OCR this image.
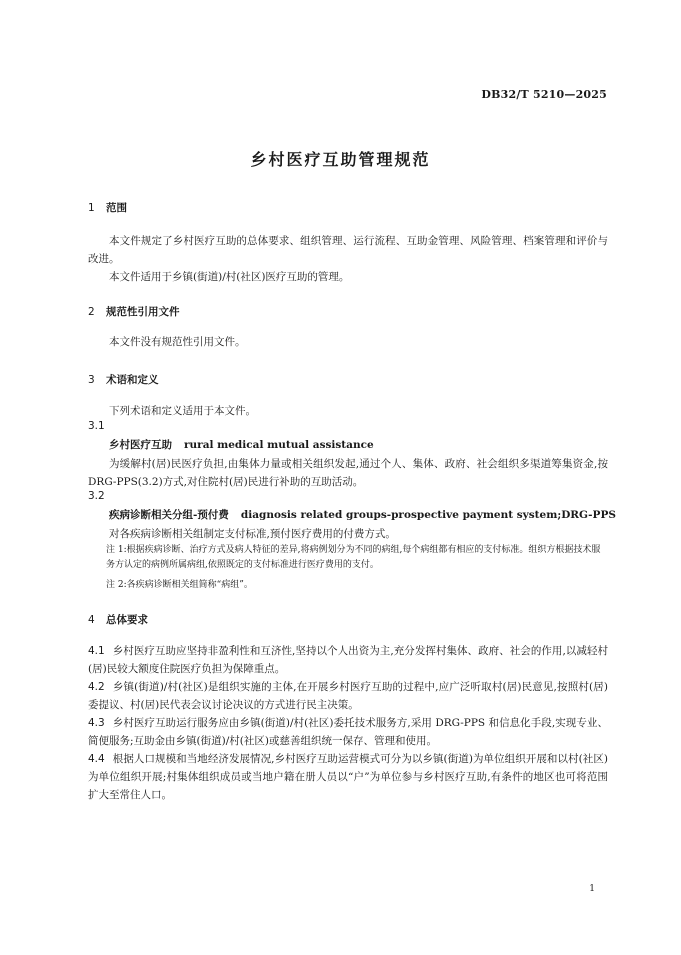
DB32/T 5210—2025
乡村医疗互助管理规范
1 范围

本文件规定了乡村医疗互助的总体要求、组织管理、运行流程、互助金管理、风险管理、档案管理和评价与改进。

本文件适用于乡镇(街道)/村(社区)医疗互助的管理。

2 规范性引用文件

本文件没有规范性引用文件。

3 术语和定义

下列术语和定义适用于本文件。

3.1
乡村医疗互助 rural medical mutual assistance

为缓解村(居)民医疗负担,由集体力量或相关组织发起,通过个人、集体、政府、社会组织多渠道筹集资金,按 DRG-PPS(3.2)方式,对住院村(居)民进行补助的互助活动。

3.2
疾病诊断相关分组-预付费 diagnosis related groups-prospective payment system;DRG-PPS

对各疾病诊断相关组制定支付标准,预付医疗费用的付费方式。

注 1:根据疾病诊断、治疗方式及病人特征的差异,将病例划分为不同的病组,每个病组都有相应的支付标准。组织方根据技术服务方认定的病例所属病组,依照既定的支付标准进行医疗费用的支付。
注 2:各疾病诊断相关组简称“病组”。
4 总体要求

4.1 乡村医疗互助应坚持非盈利性和互济性,坚持以个人出资为主,充分发挥村集体、政府、社会的作用,以减轻村(居)民较大额度住院医疗负担为保障重点。

4.2 乡镇(街道)/村(社区)是组织实施的主体,在开展乡村医疗互助的过程中,应广泛听取村(居)民意见,按照村(居)委提议、村(居)民代表会议讨论决议的方式进行民主决策。

4.3 乡村医疗互助运行服务应由乡镇(街道)/村(社区)委托技术服务方,采用 DRG-PPS 和信息化手段,实现专业、简便服务;互助金由乡镇(街道)/村(社区)或慈善组织统一保存、管理和使用。

4.4 根据人口规模和当地经济发展情况,乡村医疗互助运营模式可分为以乡镇(街道)为单位组织开展和以村(社区)为单位组织开展;村集体组织成员或当地户籍在册人员以“户”为单位参与乡村医疗互助,有条件的地区也可将范围扩大至常住人口。

1
